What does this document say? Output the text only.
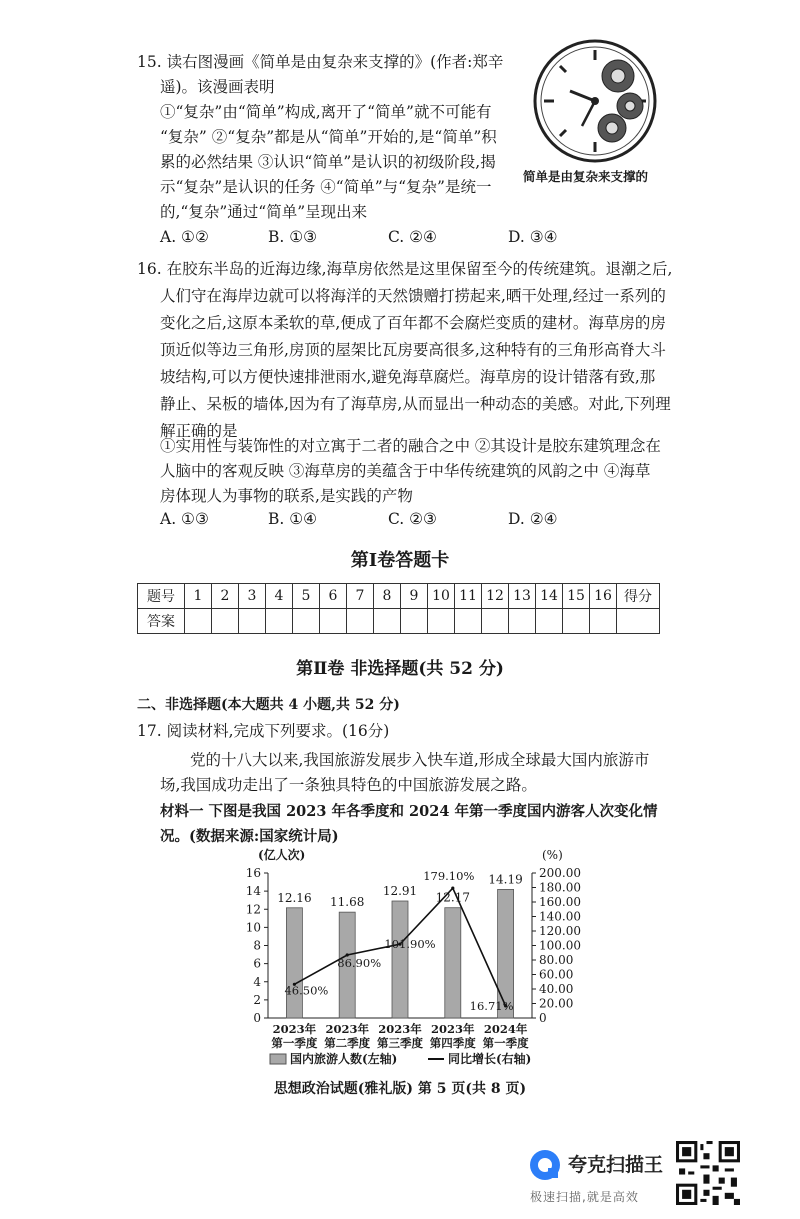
15. 读右图漫画《简单是由复杂来支撑的》(作者:郑辛
遥)。该漫画表明
①“复杂”由“简单”构成,离开了“简单”就不可能有
“复杂” ②“复杂”都是从“简单”开始的,是“简单”积
累的必然结果 ③认识“简单”是认识的初级阶段,揭
示“复杂”是认识的任务 ④“简单”与“复杂”是统一
的,“复杂”通过“简单”呈现出来
A. ①②	B. ①③	C. ②④	D. ③④
简单是由复杂来支撑的
16. 在胶东半岛的近海边缘,海草房依然是这里保留至今的传统建筑。退潮之后,
人们守在海岸边就可以将海洋的天然馈赠打捞起来,晒干处理,经过一系列的
变化之后,这原本柔软的草,便成了百年都不会腐烂变质的建材。海草房的房
顶近似等边三角形,房顶的屋架比瓦房要高很多,这种特有的三角形高脊大斗
坡结构,可以方便快速排泄雨水,避免海草腐烂。海草房的设计错落有致,那
静止、呆板的墙体,因为有了海草房,从而显出一种动态的美感。对此,下列理
解正确的是
①实用性与装饰性的对立寓于二者的融合之中 ②其设计是胶东建筑理念在
人脑中的客观反映 ③海草房的美蕴含于中华传统建筑的风韵之中 ④海草
房体现人为事物的联系,是实践的产物
A. ①③	B. ①④	C. ②③	D. ②④
第Ⅰ卷答题卡
题号	1	2	3	4	5	6	7	8	9	10	11	12	13	14	15	16	得分
答案																	
第Ⅱ卷 非选择题(共 52 分)
二、非选择题(本大题共 4 小题,共 52 分)
17. 阅读材料,完成下列要求。(16分)
党的十八大以来,我国旅游发展步入快车道,形成全球最大国内旅游市
场,我国成功走出了一条独具特色的中国旅游发展之路。
材料一 下图是我国 2023 年各季度和 2024 年第一季度国内游客人次变化情
况。(数据来源:国家统计局)
(亿人次)	(%)
0
2
4
6
8
10
12
14
16
0
20.00
40.00
60.00
80.00
100.00
120.00
140.00
160.00
180.00
200.00
12.16 11.68
12.91 12.17
14.19
46.50%
86.90%
101.90%
179.10%
16.71%
2023年
第一季度
2023年
第二季度
2023年
第三季度
2023年
第四季度
2024年
第一季度
国内旅游人数(左轴)	同比增长(右轴)
思想政治试题(雅礼版) 第 5 页(共 8 页)
夸克扫描王
极速扫描,就是高效
